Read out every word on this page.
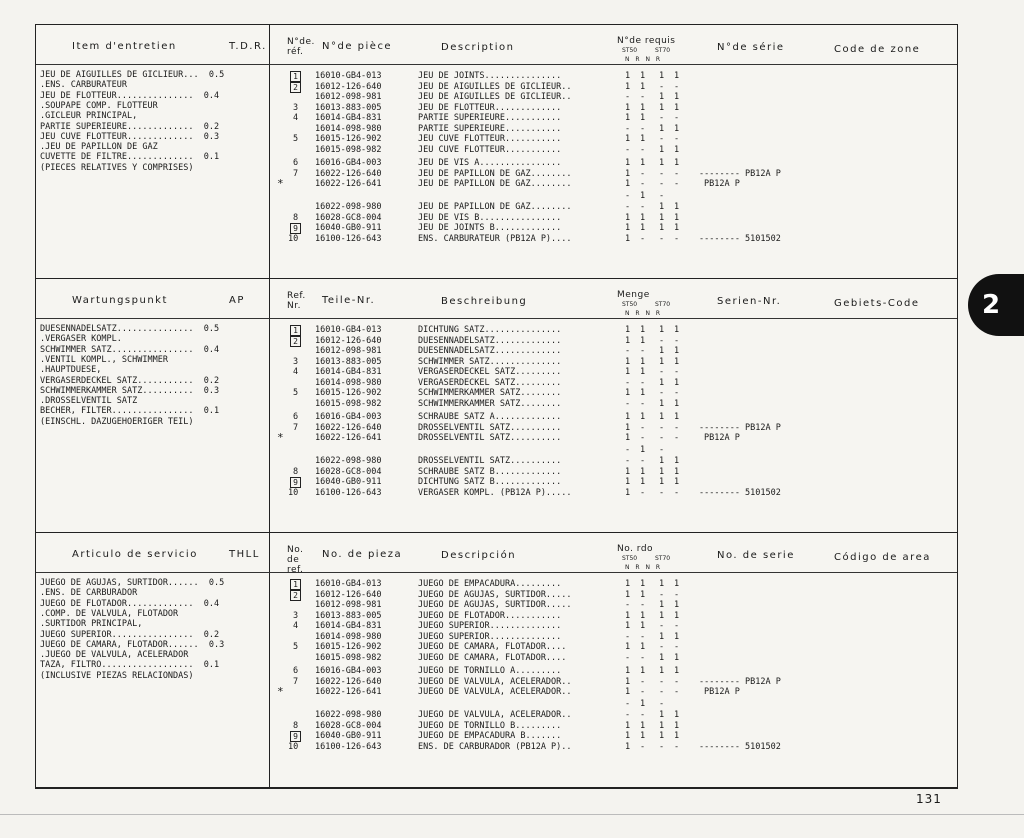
Item d'entretien	T.D.R. N°de. réf.	N°de pièce	Description
N°de requis
ST50	ST70
N R N R
N°de série	Code de zone
JEU DE AIGUILLES DE GICLIEUR...  0.5
.ENS. CARBURATEUR
JEU DE FLOTTEUR...............  0.4
.SOUPAPE COMP. FLOTTEUR
.GICLEUR PRINCIPAL,
PARTIE SUPERIEURE.............  0.2
JEU CUVE FLOTTEUR.............  0.3
.JEU DE PAPILLON DE GAZ
CUVETTE DE FILTRE.............  0.1
(PIECES RELATIVES Y COMPRISES)
1	16010-GB4-013	JEU DE JOINTS...............	1 1 1 1
2	16012-126-640	JEU DE AIGUILLES DE GICLIEUR..	1 1 - -
16012-098-981	JEU DE AIGUILLES DE GICLIEUR..	- - 1 1
3 16013-883-005	JEU DE FLOTTEUR.............	1 1 1 1
4 16014-GB4-831	PARTIE SUPERIEURE...........	1 1 - -
16014-098-980	PARTIE SUPERIEURE...........	- - 1 1
5 16015-126-902	JEU CUVE FLOTTEUR...........	1 1 - -
16015-098-982	JEU CUVE FLOTTEUR...........	- - 1 1
6 16016-GB4-003	JEU DE VIS A................	1 1 1 1
7 16022-126-640	JEU DE PAPILLON DE GAZ........	1 - - - -------- PB12A P
*	16022-126-641	JEU DE PAPILLON DE GAZ........	1 - - -	PB12A P
- 1 -
16022-098-980	JEU DE PAPILLON DE GAZ........	- - 1 1
8 16028-GC8-004	JEU DE VIS B................	1 1 1 1
9	16040-GB0-911	JEU DE JOINTS B.............	1 1 1 1
10 16100-126-643	ENS. CARBURATEUR (PB12A P)....	1 - - - -------- 5101502
Wartungspunkt	AP	Ref. Nr.	Teile-Nr.	Beschreibung
Menge
ST50	ST70
N R N R
Serien-Nr.	Gebiets-Code
DUESENNADELSATZ...............  0.5
.VERGASER KOMPL.
SCHWIMMER SATZ................  0.4
.VENTIL KOMPL., SCHWIMMER
.HAUPTDUESE,
VERGASERDECKEL SATZ...........  0.2
SCHWIMMERKAMMER SATZ..........  0.3
.DROSSELVENTIL SATZ
BECHER, FILTER................  0.1
(EINSCHL. DAZUGEHOERIGER TEIL)
1	16010-GB4-013	DICHTUNG SATZ...............	1 1 1 1
2	16012-126-640	DUESENNADELSATZ.............	1 1 - -
16012-098-981	DUESENNADELSATZ.............	- - 1 1
3 16013-883-005	SCHWIMMER SATZ..............	1 1 1 1
4 16014-GB4-831	VERGASERDECKEL SATZ.........	1 1 - -
16014-098-980	VERGASERDECKEL SATZ.........	- - 1 1
5 16015-126-902	SCHWIMMERKAMMER SATZ........	1 1 - -
16015-098-982	SCHWIMMERKAMMER SATZ........	- - 1 1
6 16016-GB4-003	SCHRAUBE SATZ A.............	1 1 1 1
7 16022-126-640	DROSSELVENTIL SATZ..........	1 - - - -------- PB12A P
*	16022-126-641	DROSSELVENTIL SATZ..........	1 - - -	PB12A P
- 1 -
16022-098-980	DROSSELVENTIL SATZ..........	- - 1 1
8 16028-GC8-004	SCHRAUBE SATZ B.............	1 1 1 1
9	16040-GB0-911	DICHTUNG SATZ B.............	1 1 1 1
10 16100-126-643	VERGASER KOMPL. (PB12A P).....	1 - - - -------- 5101502
Articulo de servicio	THLL	No. de ref.
No. de pieza	Descripción
No. rdo
ST50	ST70
N R N R
No. de serie	Código de area
JUEGO DE AGUJAS, SURTIDOR......  0.5
.ENS. DE CARBURADOR
JUEGO DE FLOTADOR.............  0.4
.COMP. DE VALVULA, FLOTADOR
.SURTIDOR PRINCIPAL,
JUEGO SUPERIOR................  0.2
JUEGO DE CAMARA, FLOTADOR......  0.3
.JUEGO DE VALVULA, ACELERADOR
TAZA, FILTRO..................  0.1
(INCLUSIVE PIEZAS RELACIONDAS)
1	16010-GB4-013	JUEGO DE EMPACADURA.........	1 1 1 1
2	16012-126-640	JUEGO DE AGUJAS, SURTIDOR.....	1 1 - -
16012-098-981	JUEGO DE AGUJAS, SURTIDOR.....	- - 1 1
3 16013-883-005	JUEGO DE FLOTADOR...........	1 1 1 1
4 16014-GB4-831	JUEGO SUPERIOR..............	1 1 - -
16014-098-980	JUEGO SUPERIOR..............	- - 1 1
5 16015-126-902	JUEGO DE CAMARA, FLOTADOR....	1 1 - -
16015-098-982	JUEGO DE CAMARA, FLOTADOR....	- - 1 1
6 16016-GB4-003	JUEGO DE TORNILLO A.........	1 1 1 1
7 16022-126-640	JUEGO DE VALVULA, ACELERADOR..	1 - - - -------- PB12A P
*	16022-126-641	JUEGO DE VALVULA, ACELERADOR..	1 - - -	PB12A P
- 1 -
16022-098-980	JUEGO DE VALVULA, ACELERADOR..	- - 1 1
8 16028-GC8-004	JUEGO DE TORNILLO B.........	1 1 1 1
9	16040-GB0-911	JUEGO DE EMPACADURA B.......	1 1 1 1
10 16100-126-643	ENS. DE CARBURADOR (PB12A P)..	1 - - - -------- 5101502
2
131
